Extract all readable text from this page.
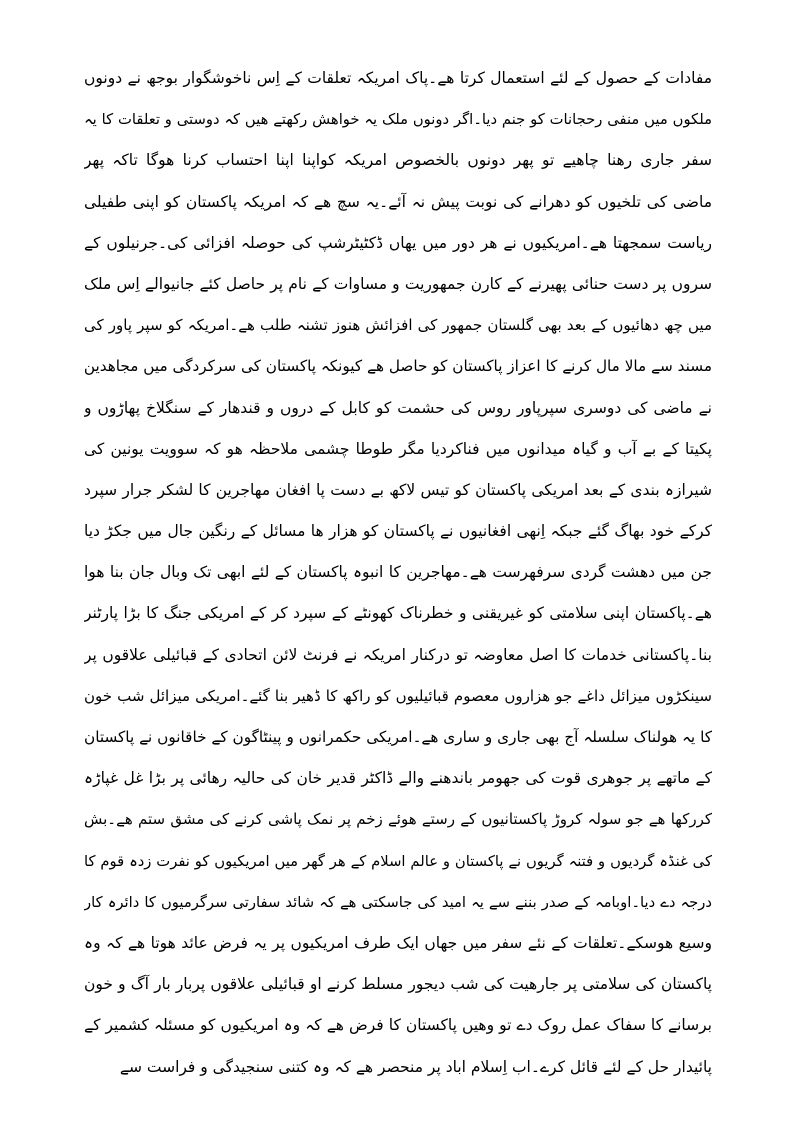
مفادات کے حصول کے لئے استعمال کرتا ھے۔پاک امریکہ تعلقات کے اِس ناخوشگوار بوجھ نے دونوں
ملکوں میں منفی رحجانات کو جنم دیا۔اگر دونوں ملک یہ خواھش رکھتے ھیں کہ دوستی و تعلقات کا یہ
سفر جاری رھنا چاھیے تو پھر دونوں بالخصوص امریکہ کواپنا اپنا احتساب کرنا ھوگا تاکہ پھر
ماضی کی تلخیوں کو دھرانے کی نوبت پیش نہ آئے۔یہ سچ ھے کہ امریکہ پاکستان کو اپنی طفیلی
ریاست سمجھتا ھے۔امریکیوں نے ھر دور میں یھاں ڈکٹیٹرشپ کی حوصلہ افزائی کی۔جرنیلوں کے
سروں پر دست حنائی پھیرنے کے کارن جمھوریت و مساوات کے نام پر حاصل کئے جانیوالے اِس ملک
میں چھ دھائیوں کے بعد بھی گلستان جمھور کی افزائش ھنوز تشنہ طلب ھے۔امریکہ کو سپر پاور کی
مسند سے مالا مال کرنے کا اعزاز پاکستان کو حاصل ھے کیونکہ پاکستان کی سرکردگی میں مجاھدین
نے ماضی کی دوسری سپرپاور روس کی حشمت کو کابل کے دروں و قندھار کے سنگلاخ پھاڑوں و
پکیتا کے بے آب و گیاہ میدانوں میں فناکردیا مگر طوطا چشمی ملاحظہ ھو کہ سوویت یونین کی
شیرازہ بندی کے بعد امریکی پاکستان کو تیس لاکھ بے دست پا افغان مھاجرین کا لشکر جرار سپرد
کرکے خود بھاگ گئے جبکہ اِنھی افغانیوں نے پاکستان کو ھزار ھا مسائل کے رنگین جال میں جکڑ دیا
جن میں دھشت گردی سرفھرست ھے۔مھاجرین کا انبوہ پاکستان کے لئے ابھی تک وبال جان بنا ھوا
ھے۔پاکستان اپنی سلامتی کو غیریقنی و خطرناک کھونٹے کے سپرد کر کے امریکی جنگ کا بڑا پارٹنر
بنا۔پاکستانی خدمات کا اصل معاوضہ تو درکنار امریکہ نے فرنٹ لائن اتحادی کے قبائیلی علاقوں پر
سینکڑوں میزائل داغے جو ھزاروں معصوم قبائیلیوں کو راکھ کا ڈھیر بنا گئے۔امریکی میزائل شب خون
کا یہ ھولناک سلسلہ آج بھی جاری و ساری ھے۔امریکی حکمرانوں و پینٹاگون کے خاقانوں نے پاکستان
کے ماتھے پر جوھری قوت کی جھومر باندھنے والے ڈاکٹر قدیر خان کی حالیہ رھائی پر بڑا غل غپاڑہ
کررکھا ھے جو سولہ کروڑ پاکستانیوں کے رستے ھوئے زخم پر نمک پاشی کرنے کی مشق ستم ھے۔بش
کی غنڈہ گردیوں و فتنہ گریوں نے پاکستان و عالم اسلام کے ھر گھر میں امریکیوں کو نفرت زدہ قوم کا
درجہ دے دیا۔اوبامہ کے صدر بننے سے یہ امید کی جاسکتی ھے کہ شائد سفارتی سرگرمیوں کا دائرہ کار
وسیع ھوسکے۔تعلقات کے نئے سفر میں جھاں ایک طرف امریکیوں پر یہ فرض عائد ھوتا ھے کہ وہ
پاکستان کی سلامتی پر جارھیت کی شب دیجور مسلط کرنے او قبائیلی علاقوں پربار بار آگ و خون
برسانے کا سفاک عمل روک دے تو وھیں پاکستان کا فرض ھے کہ وہ امریکیوں کو مسئلہ کشمیر کے
پائیدار حل کے لئے قائل کرے۔اب اِسلام اباد پر منحصر ھے کہ وہ کتنی سنجیدگی و فراست سے
